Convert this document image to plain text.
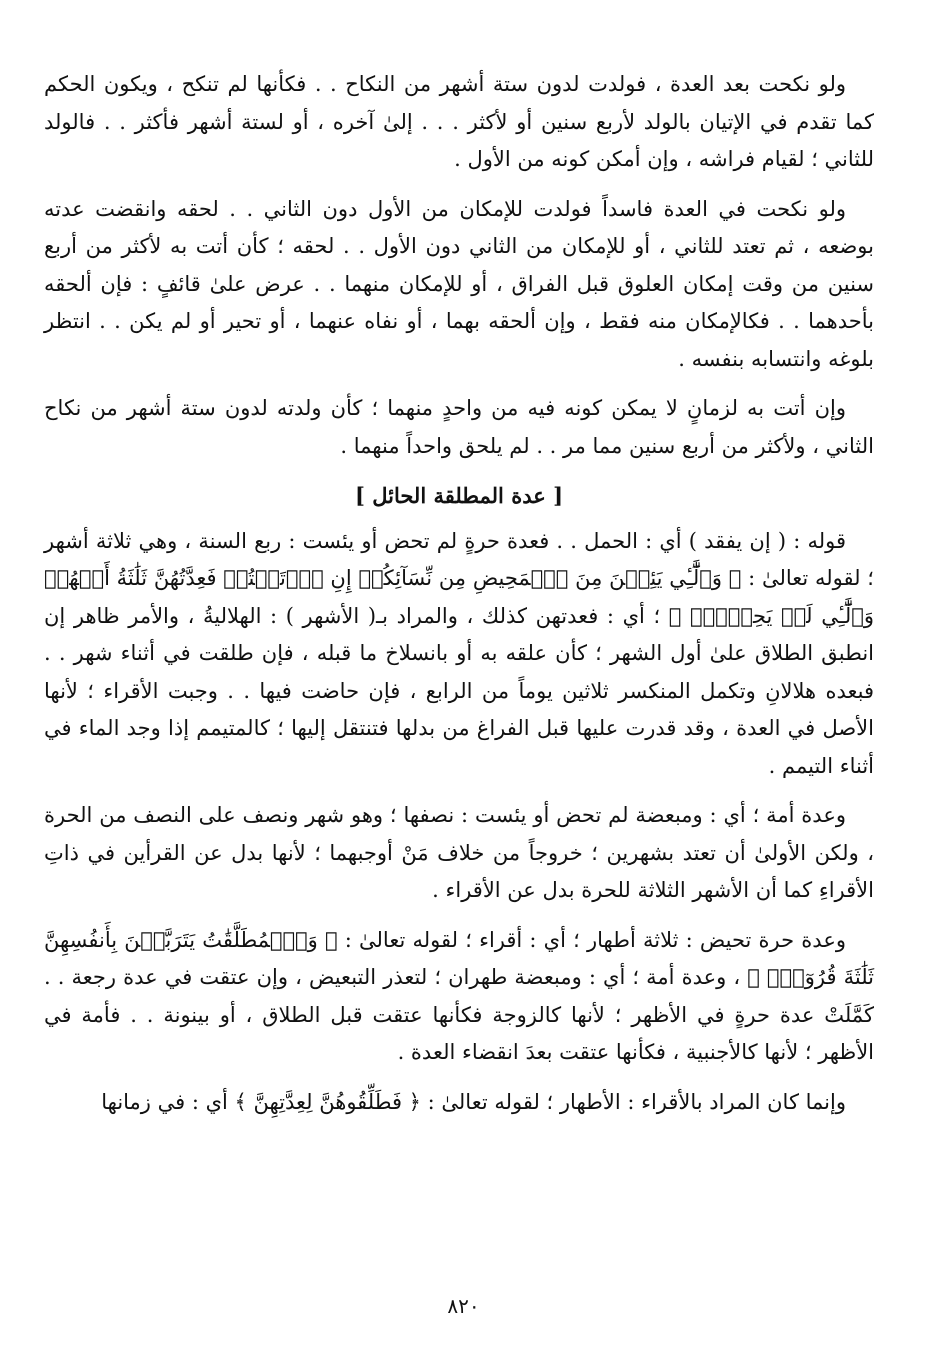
ولو نكحت بعد العدة ، فولدت لدون ستة أشهر من النكاح . . فكأنها لم تنكح ، ويكون الحكم كما تقدم في الإتيان بالولد لأربع سنين أو لأكثر . . . إلىٰ آخره ، أو لستة أشهر فأكثر . . فالولد للثاني ؛ لقيام فراشه ، وإن أمكن كونه من الأول .

ولو نكحت في العدة فاسداً فولدت للإمكان من الأول دون الثاني . . لحقه وانقضت عدته بوضعه ، ثم تعتد للثاني ، أو للإمكان من الثاني دون الأول . . لحقه ؛ كأن أتت به لأكثر من أربع سنين من وقت إمكان العلوق قبل الفراق ، أو للإمكان منهما . . عرض علىٰ قائفٍ : فإن ألحقه بأحدهما . . فكالإمكان منه فقط ، وإن ألحقه بهما ، أو نفاه عنهما ، أو تحير أو لم يكن . . انتظر بلوغه وانتسابه بنفسه .

وإن أتت به لزمانٍ لا يمكن كونه فيه من واحدٍ منهما ؛ كأن ولدته لدون ستة أشهر من نكاح الثاني ، ولأكثر من أربع سنين مما مر . . لم يلحق واحداً منهما .

[ عدة المطلقة الحائل ]

قوله : ( إن يفقد ) أي : الحمل . . فعدة حرةٍ لم تحض أو يئست : ربع السنة ، وهي ثلاثة أشهر ؛ لقوله تعالىٰ : ﴿ وَٱلَّٰٓـِٔي يَئِسۡنَ مِنَ ٱلۡمَحِيضِ مِن نِّسَآئِكُمۡ إِنِ ٱرۡتَبۡتُمۡ فَعِدَّتُهُنَّ ثَلَٰثَةُ أَشۡهُرٖ وَٱلَّٰٓـِٔي لَمۡ يَحِضۡنَۚ ﴾ ؛ أي : فعدتهن كذلك ، والمراد بـ( الأشهر ) : الهلاليةُ ، والأمر ظاهر إن انطبق الطلاق علىٰ أول الشهر ؛ كأن علقه به أو بانسلاخ ما قبله ، فإن طلقت في أثناء شهر . . فبعده هلالانِ وتكمل المنكسر ثلاثين يوماً من الرابع ، فإن حاضت فيها . . وجبت الأقراء ؛ لأنها الأصل في العدة ، وقد قدرت عليها قبل الفراغ من بدلها فتنتقل إليها ؛ كالمتيمم إذا وجد الماء في أثناء التيمم .

وعدة أمة ؛ أي : ومبعضة لم تحض أو يئست : نصفها ؛ وهو شهر ونصف على النصف من الحرة ، ولكن الأولىٰ أن تعتد بشهرين ؛ خروجاً من خلاف مَنْ أوجبهما ؛ لأنها بدل عن القرأين في ذاتِ الأقراءِ كما أن الأشهر الثلاثة للحرة بدل عن الأقراء .

وعدة حرة تحيض : ثلاثة أطهار ؛ أي : أقراء ؛ لقوله تعالىٰ : ﴿ وَٱلۡمُطَلَّقَٰتُ يَتَرَبَّصۡنَ بِأَنفُسِهِنَّ ثَلَٰثَةَ قُرُوٓءٖۚ ﴾ ، وعدة أمة ؛ أي : ومبعضة طهران ؛ لتعذر التبعيض ، وإن عتقت في عدة رجعة . . كَمَّلَتْ عدة حرةٍ في الأظهر ؛ لأنها كالزوجة فكأنها عتقت قبل الطلاق ، أو بينونة . . فأمة في الأظهر ؛ لأنها كالأجنبية ، فكأنها عتقت بعدَ انقضاء العدة .

وإنما كان المراد بالأقراء : الأطهار ؛ لقوله تعالىٰ : ﴿ فَطَلِّقُوهُنَّ لِعِدَّتِهِنَّ ﴾ أي : في زمانها

٨٢٠
